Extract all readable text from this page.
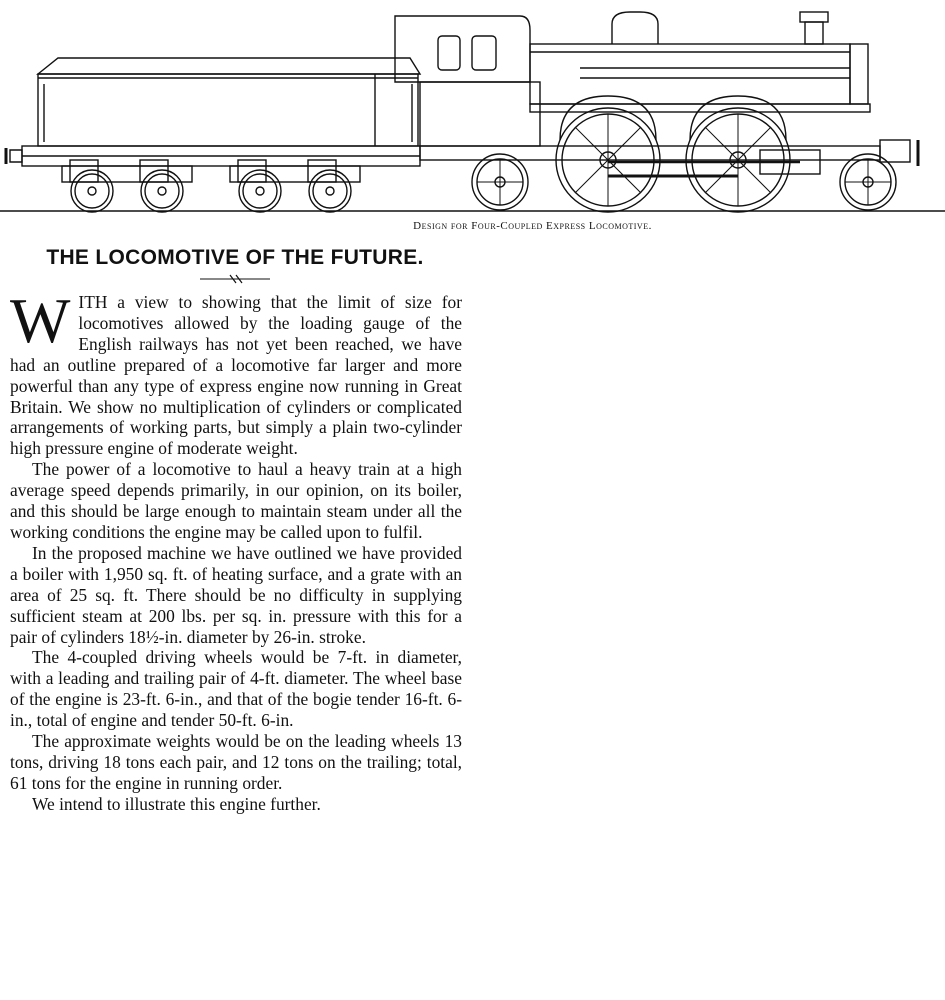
Design for Four-Coupled Express Locomotive.
THE LOCOMOTIVE OF THE FUTURE.

WITH a view to showing that the limit of size for locomotives allowed by the loading gauge of the English railways has not yet been reached, we have had an outline prepared of a locomotive far larger and more powerful than any type of express engine now running in Great Britain. We show no multiplication of cylinders or complicated arrangements of working parts, but simply a plain two-cylinder high pressure engine of moderate weight.

The power of a locomotive to haul a heavy train at a high average speed depends primarily, in our opinion, on its boiler, and this should be large enough to maintain steam under all the working conditions the engine may be called upon to fulfil.

In the proposed machine we have outlined we have provided a boiler with 1,950 sq. ft. of heating surface, and a grate with an area of 25 sq. ft. There should be no difficulty in supplying sufficient steam at 200 lbs. per sq. in. pressure with this for a pair of cylinders 18½-in. diameter by 26-in. stroke.

The 4-coupled driving wheels would be 7-ft. in diameter, with a leading and trailing pair of 4-ft. diameter. The wheel base of the engine is 23-ft. 6-in., and that of the bogie tender 16-ft. 6-in., total of engine and tender 50-ft. 6-in.

The approximate weights would be on the leading wheels 13 tons, driving 18 tons each pair, and 12 tons on the trailing; total, 61 tons for the engine in running order.

We intend to illustrate this engine further.
